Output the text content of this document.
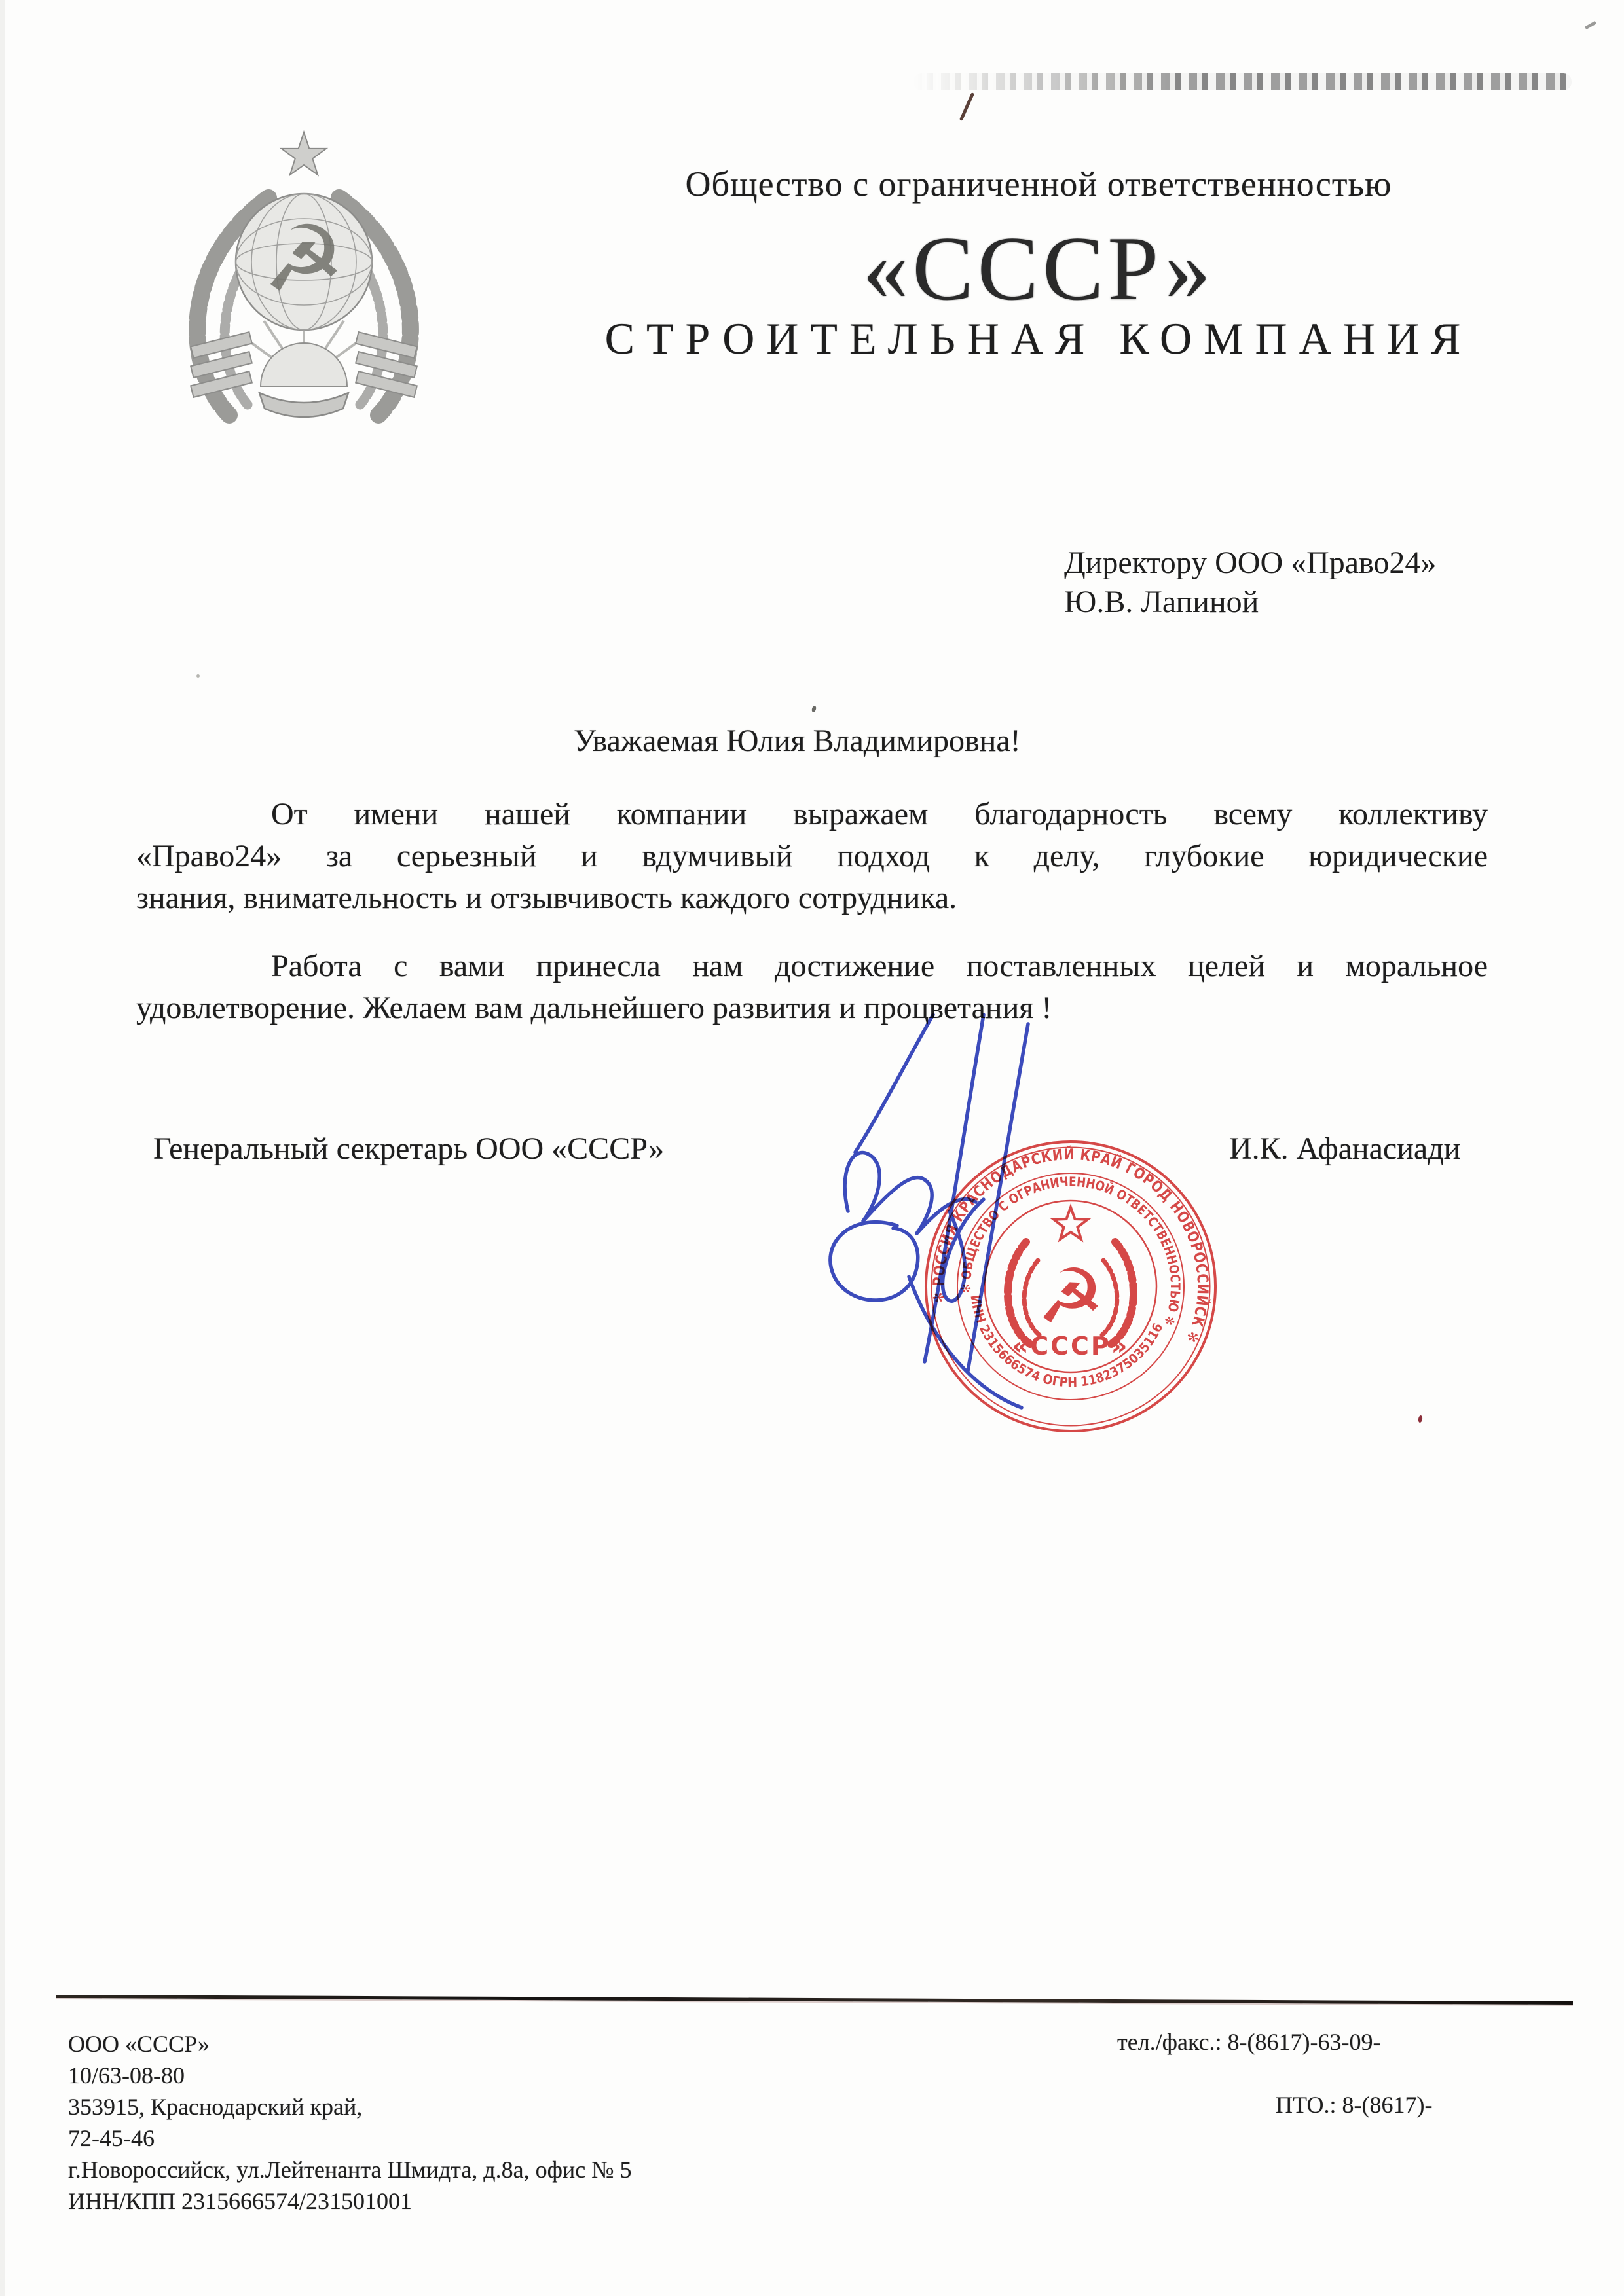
☭
Общество с ограниченной ответственностью
«СССР»
СТРОИТЕЛЬНАЯ КОМПАНИЯ
Директору ООО «Право24»
Ю.В. Лапиной
Уважаемая Юлия Владимировна!
От имени нашей компании выражаем благодарность всему коллективу
«Право24» за серьезный и вдумчивый подход к делу, глубокие юридические
знания, внимательность и отзывчивость каждого сотрудника.
Работа с вами принесла нам достижение поставленных целей и моральное
удовлетворение. Желаем вам дальнейшего развития и процветания !
Генеральный секретарь ООО «СССР»	И.К. Афанасиади
✻ РОССИЯ КРАСНОДАРСКИЙ КРАЙ ГОРОД НОВОРОССИЙСК ✻
✻ ОБЩЕСТВО С ОГРАНИЧЕННОЙ ОТВЕТСТВЕННОСТЬЮ ✻
ИНН 2315666574 ОГРН 1182375035116
☭
«СССР»
ООО «СССР»
10/63-08-80
353915, Краснодарский край,
72-45-46
г.Новороссийск, ул.Лейтенанта Шмидта, д.8а, офис № 5
ИНН/КПП 2315666574/231501001
тел./факс.: 8-(8617)-63-09-
ПТО.: 8-(8617)-
